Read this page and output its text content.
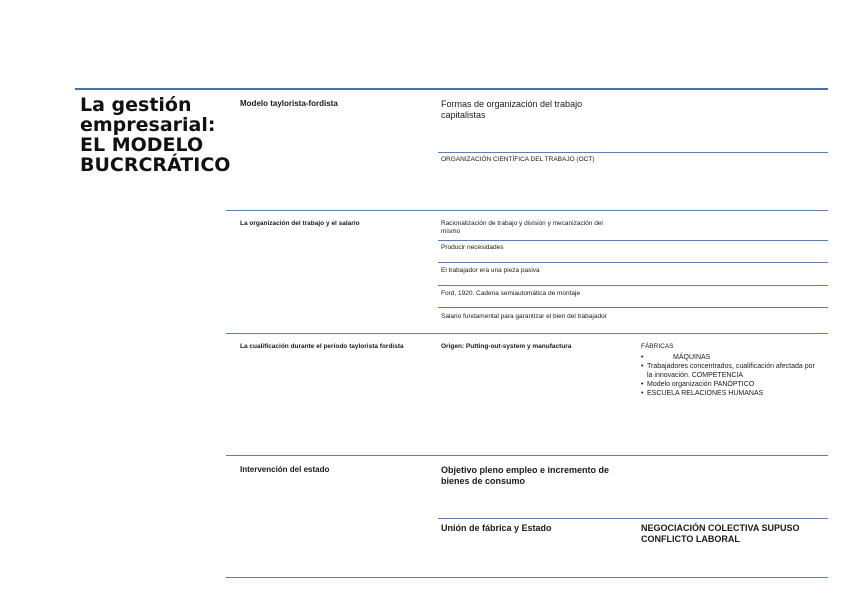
La gestión
empresarial:
EL MODELO
BUCRCRÁTICO
Modelo taylorista-fordista	Formas de organización del trabajo capitalistas
ORGANIZACIÓN CIENTÍFICA DEL TRABAJO (OCT)
La organización del trabajo y el salario	Racionalización de trabajo y división y mecanización del mismo
Producir necesidades
El trabajador era una pieza pasiva
Ford, 1920. Cadena semiautomática de montaje
Salario fundamental para garantizar el bien del trabajador
La cualificación durante el periodo taylorista fordista	Origen: Putting-out-system y manufactura	FÁBRICAS
• MÁQUINAS
• Trabajadores concentrados, cualificación afectada por la innovación. COMPETENCIA
• Modelo organización PANÓPTICO
• ESCUELA RELACIONES HUMANAS
Intervención del estado	Objetivo pleno empleo e incremento de bienes de consumo
Unión de fábrica y Estado	NEGOCIACIÓN COLECTIVA SUPUSO CONFLICTO LABORAL
